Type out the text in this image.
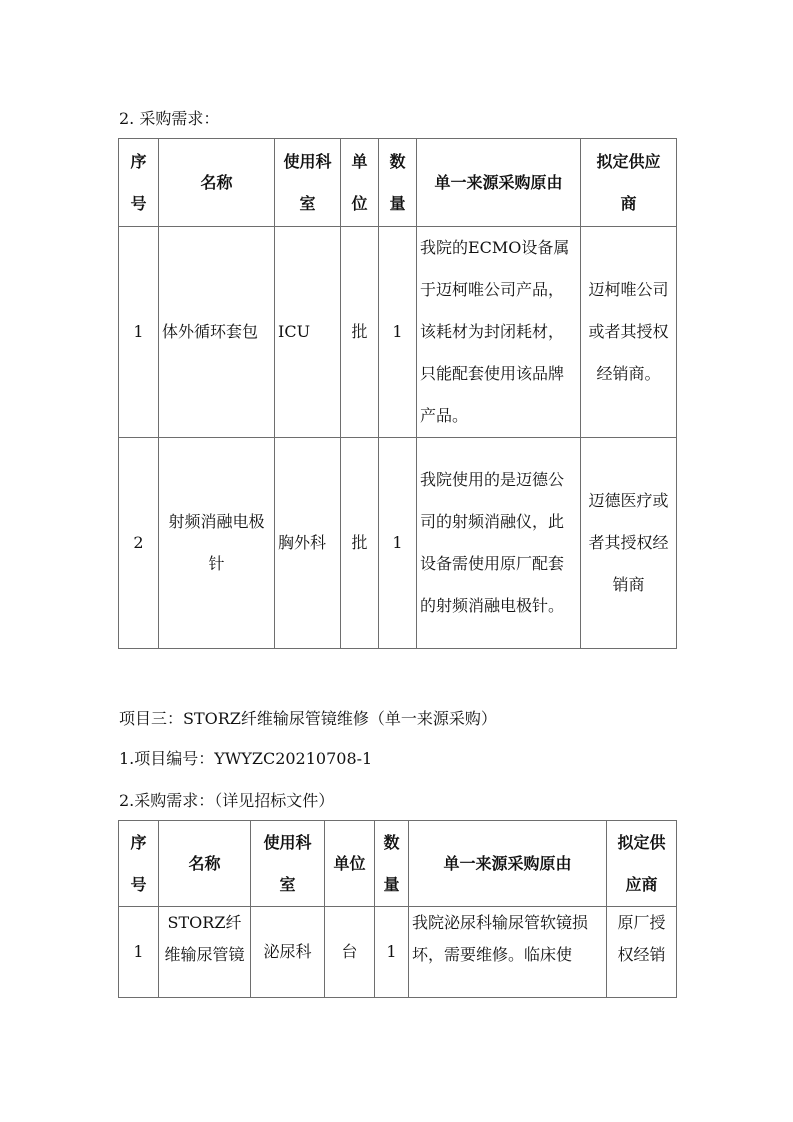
2. 采购需求：
序号	名称	使用科室	单位	数量	单一来源采购原由	拟定供应商
1	体外循环套包	ICU	批	1	我院的ECMO设备属于迈柯唯公司产品，该耗材为封闭耗材，只能配套使用该品牌产品。	迈柯唯公司或者其授权经销商。
2	射频消融电极针	胸外科	批	1	我院使用的是迈德公司的射频消融仪，此设备需使用原厂配套的射频消融电极针。	迈德医疗或者其授权经销商
项目三：STORZ纤维输尿管镜维修（单一来源采购）
1.项目编号：YWYZC20210708-1
2.采购需求：（详见招标文件）
序号	名称	使用科室	单位	数量	单一来源采购原由	拟定供应商
1	STORZ纤维输尿管镜	泌尿科	台	1	我院泌尿科输尿管软镜损坏，需要维修。临床使	原厂授权经销
